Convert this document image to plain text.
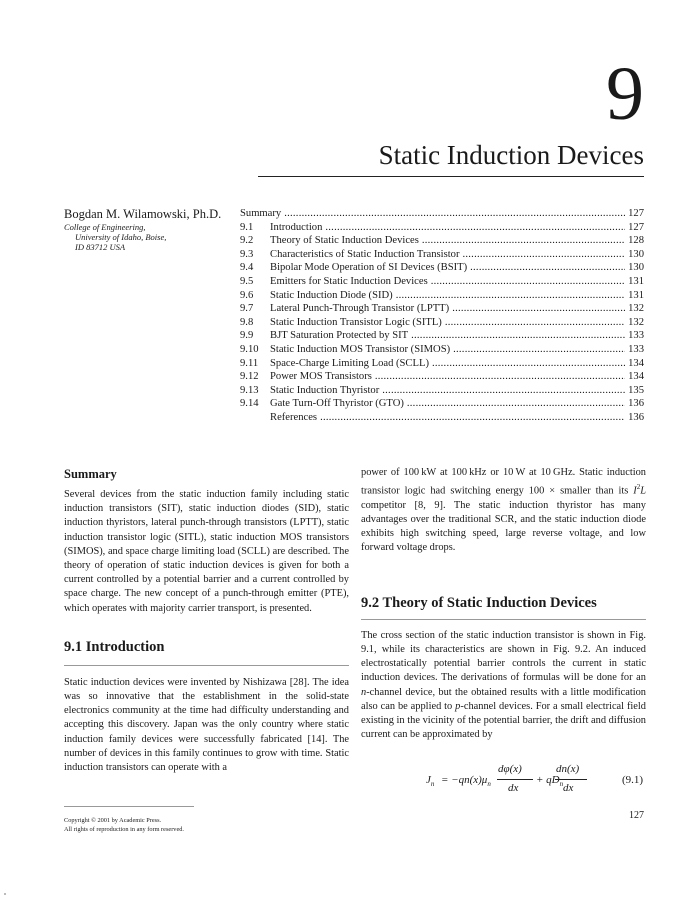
9
Static Induction Devices
Bogdan M. Wilamowski, Ph.D.
College of Engineering,
University of Idaho, Boise,
ID 83712 USA
Summary . . .	127
9.1	Introduction . . .	127
9.2	Theory of Static Induction Devices . . .	128
9.3	Characteristics of Static Induction Transistor . . .	130
9.4	Bipolar Mode Operation of SI Devices (BSIT) . . .	130
9.5	Emitters for Static Induction Devices . . .	131
9.6	Static Induction Diode (SID) . . .	131
9.7	Lateral Punch-Through Transistor (LPTT) . . .	132
9.8	Static Induction Transistor Logic (SITL) . . .	132
9.9	BJT Saturation Protected by SIT . . .	133
9.10	Static Induction MOS Transistor (SIMOS) . . .	133
9.11	Space-Charge Limiting Load (SCLL) . . .	134
9.12	Power MOS Transistors . . .	134
9.13	Static Induction Thyristor . . .	135
9.14	Gate Turn-Off Thyristor (GTO) . . .	136
References . . .	136
Summary

Several devices from the static induction family including static induction transistors (SIT), static induction diodes (SID), static induction thyristors, lateral punch-through transistors (LPTT), static induction transistor logic (SITL), static induction MOS transistors (SIMOS), and space charge limiting load (SCLL) are described. The theory of operation of static induction devices is given for both a current controlled by a potential barrier and a current controlled by space charge. The new concept of a punch-through emitter (PTE), which operates with majority carrier transport, is presented.

9.1 Introduction

Static induction devices were invented by Nishizawa [28]. The idea was so innovative that the establishment in the solid-state electronics community at the time had difficulty understanding and accepting this discovery. Japan was the only country where static induction family devices were successfully fabricated [14]. The number of devices in this family continues to grow with time. Static induction transistors can operate with a

power of 100 kW at 100 kHz or 10 W at 10 GHz. Static induction transistor logic had switching energy 100 × smaller than its $I^2L$ competitor [8, 9]. The static induction thyristor has many advantages over the traditional SCR, and the static induction diode exhibits high switching speed, large reverse voltage, and low forward voltage drops.

9.2 Theory of Static Induction Devices

The cross section of the static induction transistor is shown in Fig. 9.1, while its characteristics are shown in Fig. 9.2. An induced electrostatically potential barrier controls the current in static induction devices. The derivations of formulas will be done for an n-channel device, but the obtained results with a little modification also can be applied to p-channel devices. For a small electrical field existing in the vicinity of the potential barrier, the drift and diffusion current can be approximated by

$J_n = -qn(x)\mu_n$
dφ(x)
dx
+ $qD_n$
dn(x)
dx
(9.1)
Copyright © 2001 by Academic Press.
All rights of reproduction in any form reserved.
127
